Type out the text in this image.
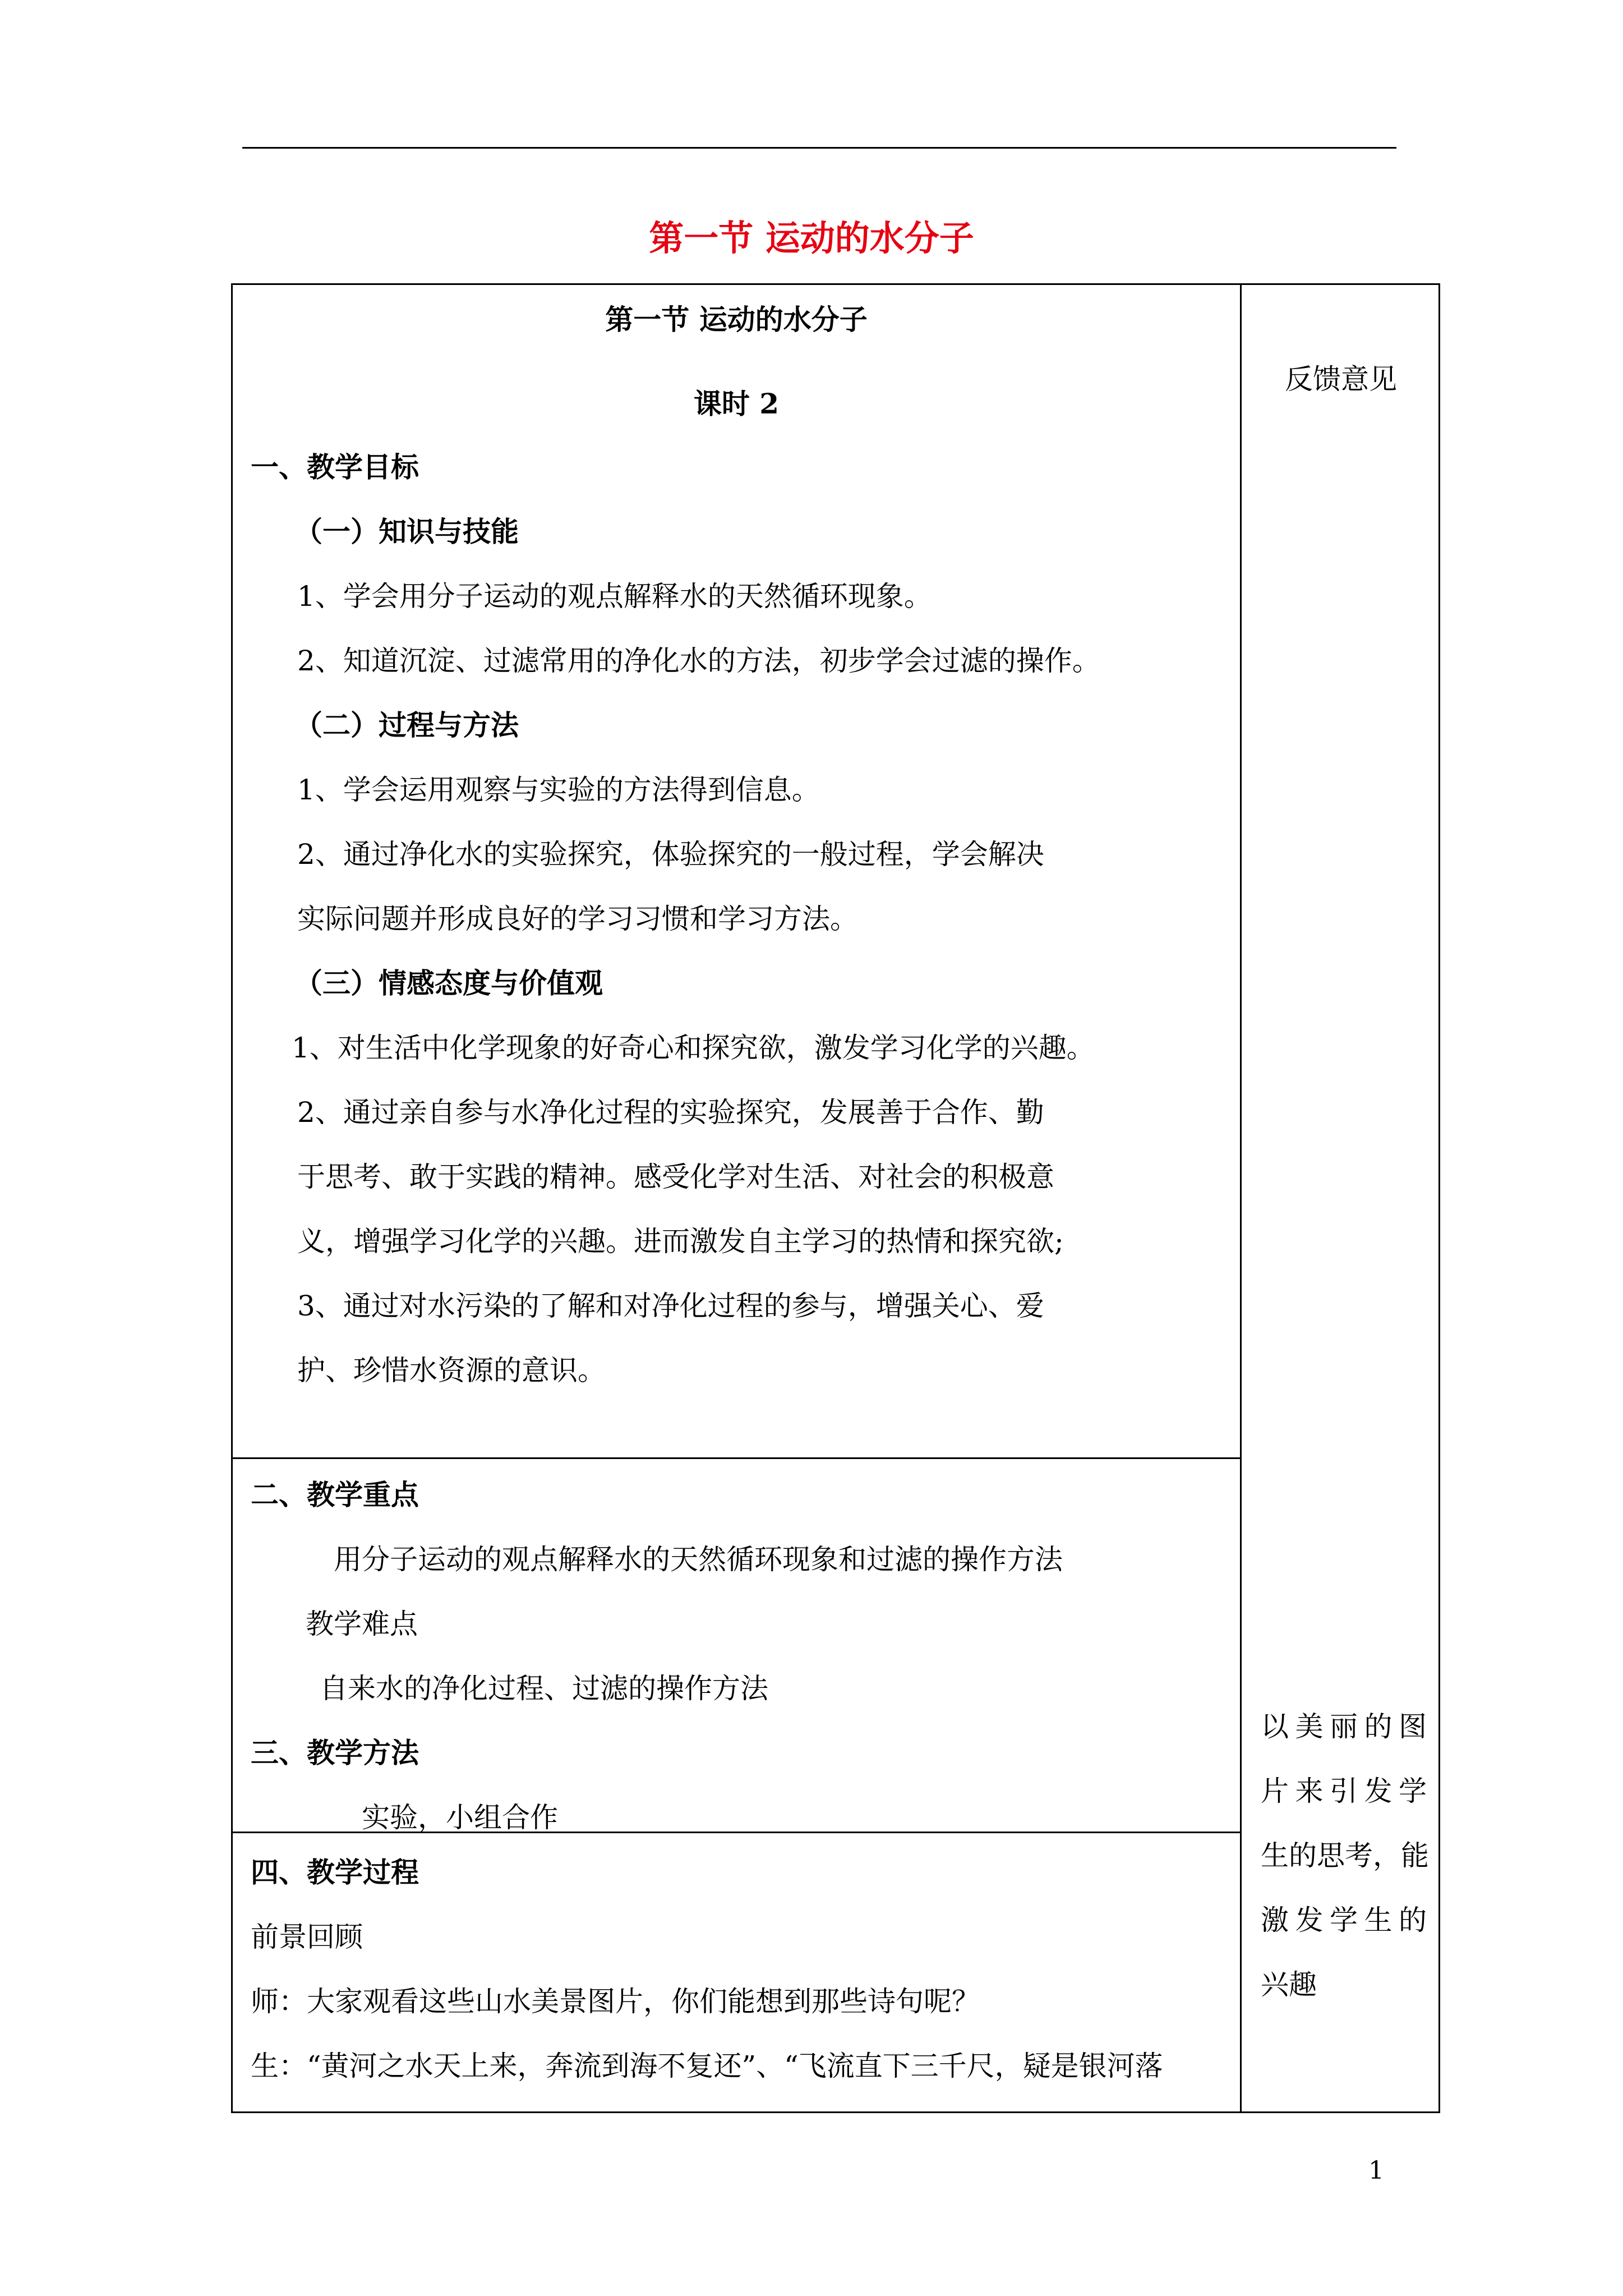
第一节 运动的水分子
第一节 运动的水分子
课时 2
一、教学目标
（一）知识与技能
1、学会用分子运动的观点解释水的天然循环现象。
2、知道沉淀、过滤常用的净化水的方法，初步学会过滤的操作。
（二）过程与方法
1、学会运用观察与实验的方法得到信息。
2、通过净化水的实验探究，体验探究的一般过程，学会解决
实际问题并形成良好的学习习惯和学习方法。
（三）情感态度与价值观
1、对生活中化学现象的好奇心和探究欲，激发学习化学的兴趣。
2、通过亲自参与水净化过程的实验探究，发展善于合作、勤
于思考、敢于实践的精神。感受化学对生活、对社会的积极意
义，增强学习化学的兴趣。进而激发自主学习的热情和探究欲;
3、通过对水污染的了解和对净化过程的参与，增强关心、爱
护、珍惜水资源的意识。
二、教学重点
用分子运动的观点解释水的天然循环现象和过滤的操作方法
教学难点
自来水的净化过程、过滤的操作方法
三、教学方法
实验，小组合作
四、教学过程
前景回顾
师：大家观看这些山水美景图片，你们能想到那些诗句呢？
生：“黄河之水天上来，奔流到海不复还”、“飞流直下三千尺，疑是银河落
反馈意见
以美丽的图
片来引发学
生的思考，能
激发学生的
兴趣
1
